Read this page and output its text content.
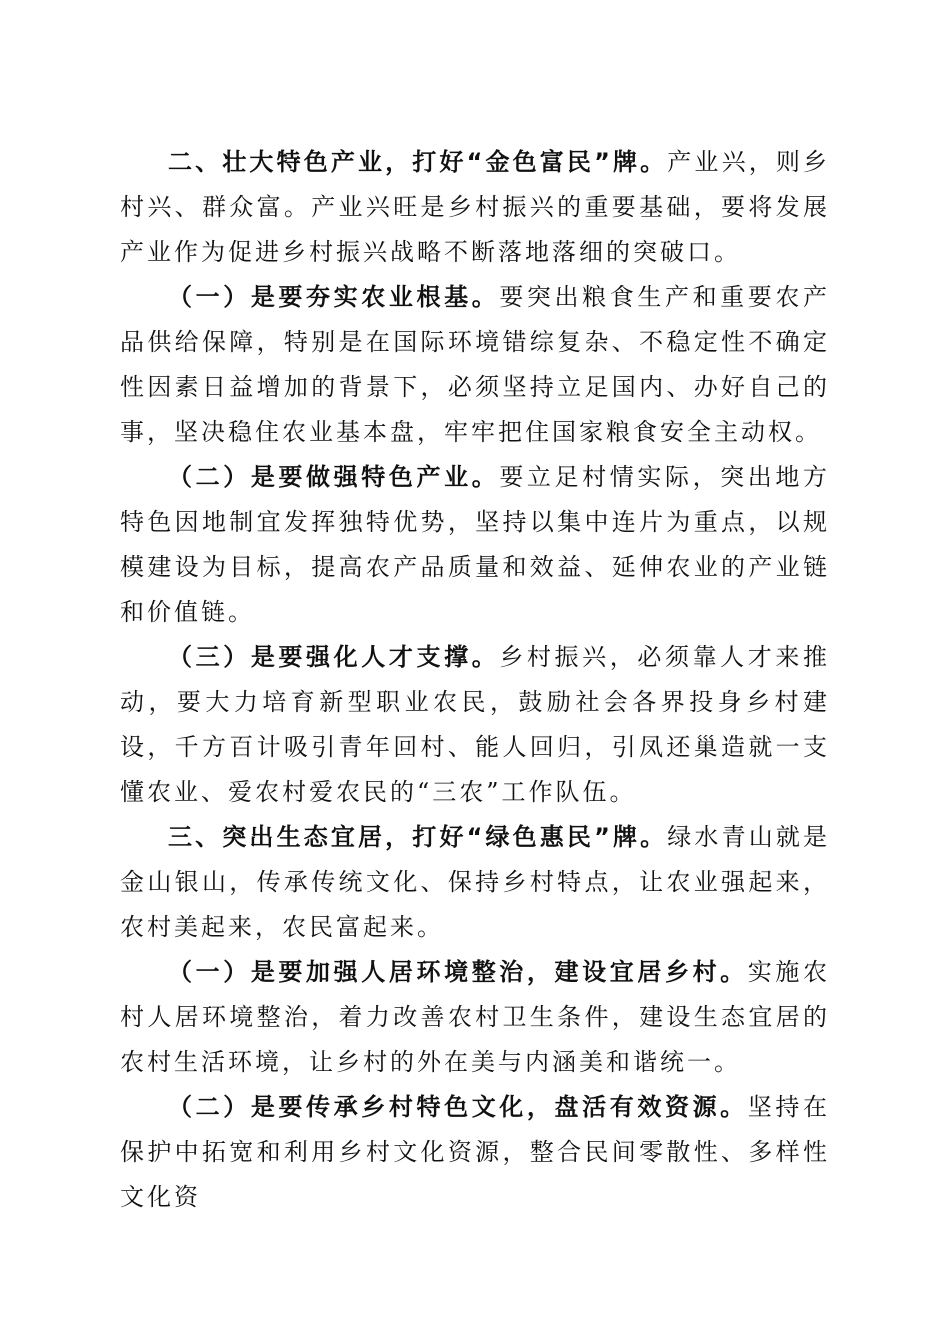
二、壮大特色产业，打好“金色富民”牌。产业兴，则乡村兴、群众富。产业兴旺是乡村振兴的重要基础，要将发展产业作为促进乡村振兴战略不断落地落细的突破口。

（一）是要夯实农业根基。要突出粮食生产和重要农产品供给保障，特别是在国际环境错综复杂、不稳定性不确定性因素日益增加的背景下，必须坚持立足国内、办好自己的事，坚决稳住农业基本盘，牢牢把住国家粮食安全主动权。

（二）是要做强特色产业。要立足村情实际，突出地方特色因地制宜发挥独特优势，坚持以集中连片为重点，以规模建设为目标，提高农产品质量和效益、延伸农业的产业链和价值链。

（三）是要强化人才支撑。乡村振兴，必须靠人才来推动，要大力培育新型职业农民，鼓励社会各界投身乡村建设，千方百计吸引青年回村、能人回归，引凤还巢造就一支懂农业、爱农村爱农民的“三农”工作队伍。

三、突出生态宜居，打好“绿色惠民”牌。绿水青山就是金山银山，传承传统文化、保持乡村特点，让农业强起来，农村美起来，农民富起来。

（一）是要加强人居环境整治，建设宜居乡村。实施农村人居环境整治，着力改善农村卫生条件，建设生态宜居的农村生活环境，让乡村的外在美与内涵美和谐统一。

（二）是要传承乡村特色文化，盘活有效资源。坚持在保护中拓宽和利用乡村文化资源，整合民间零散性、多样性文化资
